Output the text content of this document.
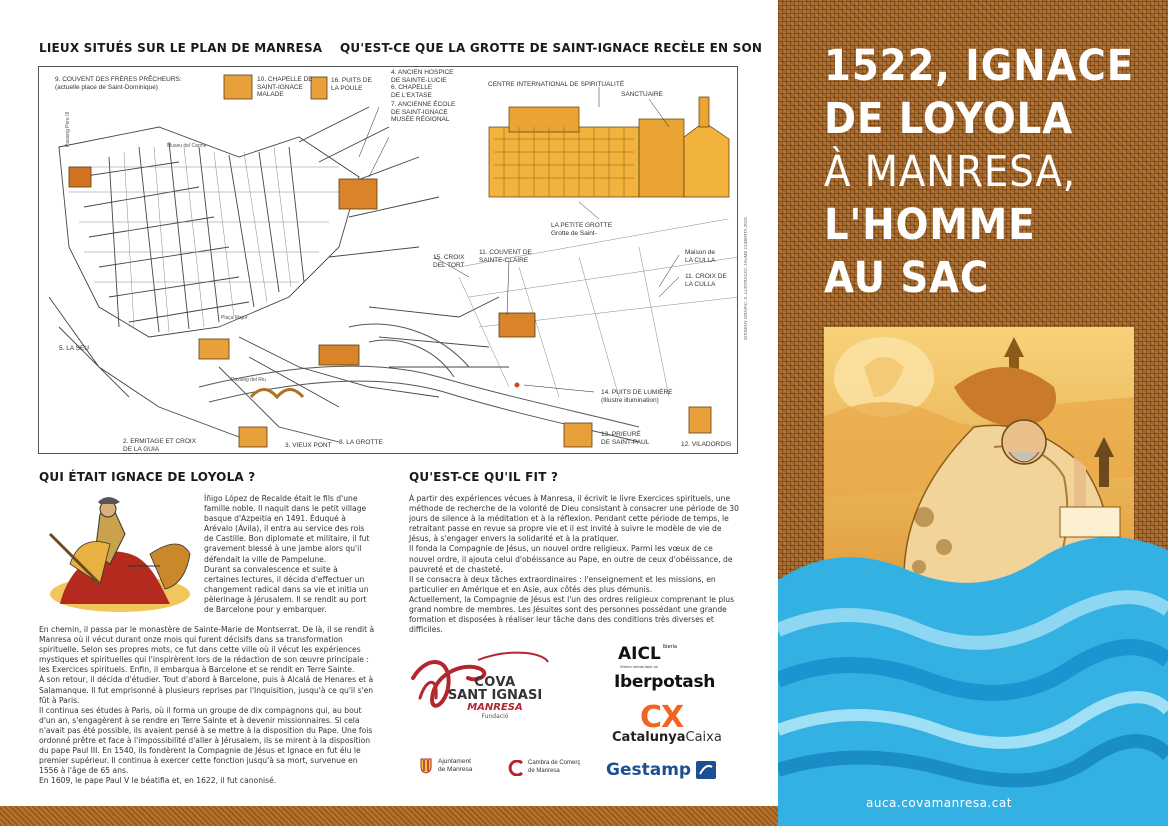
LIEUX SITUÉS SUR LE PLAN DE MANRESA QU'EST-CE QUE LA GROTTE DE SAINT-IGNACE RECÈLE EN SON
9. COUVENT DES FRÈRES PRÊCHEURS:
(actuelle place de Saint-Dominique)
10. CHAPELLE DE
SAINT-IGNACE
MALADE
16. PUITS DE
LA POULE
4. ANCIEN HOSPICE
DE SAINTE-LUCIE
6. CHAPELLE
DE L'EXTASE
7. ANCIENNE ÉCOLE
DE SAINT-IGNACE
MUSÉE RÉGIONAL
CENTRE INTERNATIONAL DE SPIRITUALITÉ
SANCTUAIRE
LA PETITE GROTTE
Grotte de Saint-
15. CROIX
DEL TORT
11. COUVENT DE
SAINTE-CLAIRE
Maison de
LA CULLA
11. CROIX DE
LA CULLA
5. LA SEU
14. PUITS DE LUMIÈRE
(Illustre illumination)
2. ERMITAGE ET CROIX
DE LA GUIA	3. VIEUX PONT 8. LA GROTTE
13. PRIEURÉ
DE SAINT-PAUL	12. VILADORDIS
Museu del Carme
Passeig del Riu
Plaça Major
Passeig Pere III
DISSENY GRÀFIC: X. LUSTRACIÓ: JAUME CUBERTA 2019
QUI ÉTAIT IGNACE DE LOYOLA ?

Íñigo López de Recalde était le fils d'une famille noble. Il naquit dans le petit village basque d'Azpeitia en 1491. Éduqué à Arévalo (Ávila), il entra au service des rois de Castille. Bon diplomate et militaire, il fut gravement blessé à une jambe alors qu'il défendait la ville de Pampelune.

Durant sa convalescence et suite à certaines lectures, il décida d'effectuer un changement radical dans sa vie et initia un pèlerinage à Jérusalem. Il se rendit au port de Barcelone pour y embarquer.

En chemin, il passa par le monastère de Sainte-Marie de Montserrat. De là, il se rendit à Manresa où il vécut durant onze mois qui furent décisifs dans sa transformation spirituelle. Selon ses propres mots, ce fut dans cette ville où il vécut les expériences mystiques et spirituelles qui l'inspirèrent lors de la rédaction de son œuvre principale : les Exercices spirituels. Enfin, il embarqua à Barcelone et se rendit en Terre Sainte.

À son retour, il décida d'étudier. Tout d'abord à Barcelone, puis à Alcalá de Henares et à Salamanque. Il fut emprisonné à plusieurs reprises par l'Inquisition, jusqu'à ce qu'il s'en fût à Paris.

Il continua ses études à Paris, où il forma un groupe de dix compagnons qui, au bout d'un an, s'engagèrent à se rendre en Terre Sainte et à devenir missionnaires. Si cela n'avait pas été possible, ils avaient pensé à se mettre à la disposition du Pape. Une fois ordonné prêtre et face à l'impossibilité d'aller à Jérusalem, ils se mirent à la disposition du pape Paul III. En 1540, ils fondèrent la Compagnie de Jésus et Ignace en fut élu le premier supérieur. Il continua à exercer cette fonction jusqu'à sa mort, survenue en 1556 à l'âge de 65 ans.

En 1609, le pape Paul V le béatifia et, en 1622, il fut canonisé.

QU'EST-CE QU'IL FIT ?

À partir des expériences vécues à Manresa, il écrivit le livre Exercices spirituels, une méthode de recherche de la volonté de Dieu consistant à consacrer une période de 30 jours de silence à la méditation et à la réflexion. Pendant cette période de temps, le retraitant passe en revue sa propre vie et il est invité à suivre le modèle de vie de Jésus, à s'engager envers la solidarité et à la pratiquer.

Il fonda la Compagnie de Jésus, un nouvel ordre religieux. Parmi les vœux de ce nouvel ordre, il ajouta celui d'obéissance au Pape, en outre de ceux d'obéissance, de pauvreté et de chasteté.

Il se consacra à deux tâches extraordinaires : l'enseignement et les missions, en particulier en Amérique et en Asie, aux côtés des plus démunis.

Actuellement, la Compagnie de Jésus est l'un des ordres religieux comprenant le plus grand nombre de membres. Les Jésuites sont des personnes possédant une grande formation et disposées à réaliser leur tâche dans des conditions très diverses et difficiles.

COVA
SANT IGNASI
MANRESA
Fundació
AICL $^{Iberia}$
Where needs take us
Iberpotash
CX
CatalunyaCaixa
Ajuntament
de Manresa
Cambra de Comerç
de Manresa	Gestamp
1522, IGNACE
DE LOYOLA
À MANRESA,
L'HOMME
AU SAC
auca.covamanresa.cat
